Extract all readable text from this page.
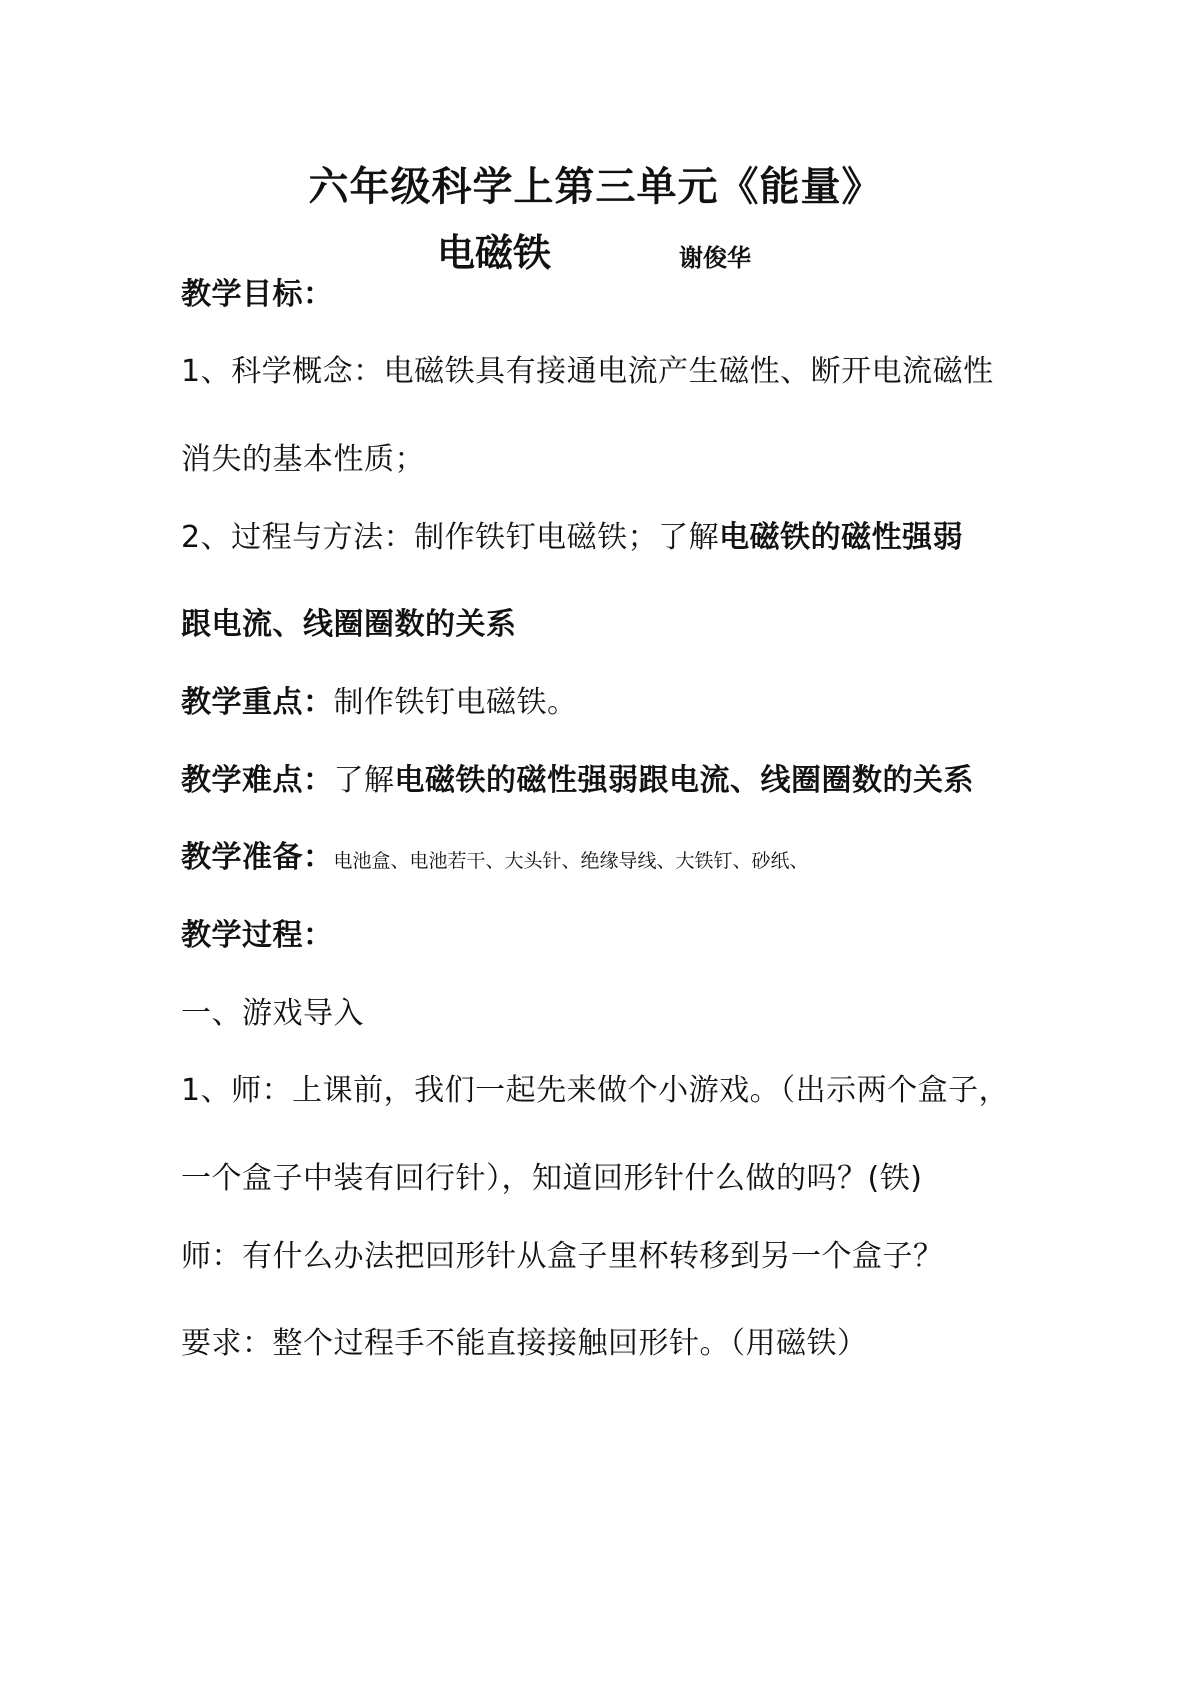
六年级科学上第三单元《能量》
电磁铁	谢俊华
教学目标：
1、科学概念：电磁铁具有接通电流产生磁性、断开电流磁性
消失的基本性质；
2、过程与方法：制作铁钉电磁铁；了解电磁铁的磁性强弱
跟电流、线圈圈数的关系
教学重点：制作铁钉电磁铁。
教学难点：了解电磁铁的磁性强弱跟电流、线圈圈数的关系
教学准备：电池盒、电池若干、大头针、绝缘导线、大铁钉、砂纸、
教学过程：
一、游戏导入
1、师：上课前，我们一起先来做个小游戏。（出示两个盒子，
一个盒子中装有回行针），知道回形针什么做的吗？(铁)
师：有什么办法把回形针从盒子里杯转移到另一个盒子？
要求：整个过程手不能直接接触回形针。（用磁铁）
